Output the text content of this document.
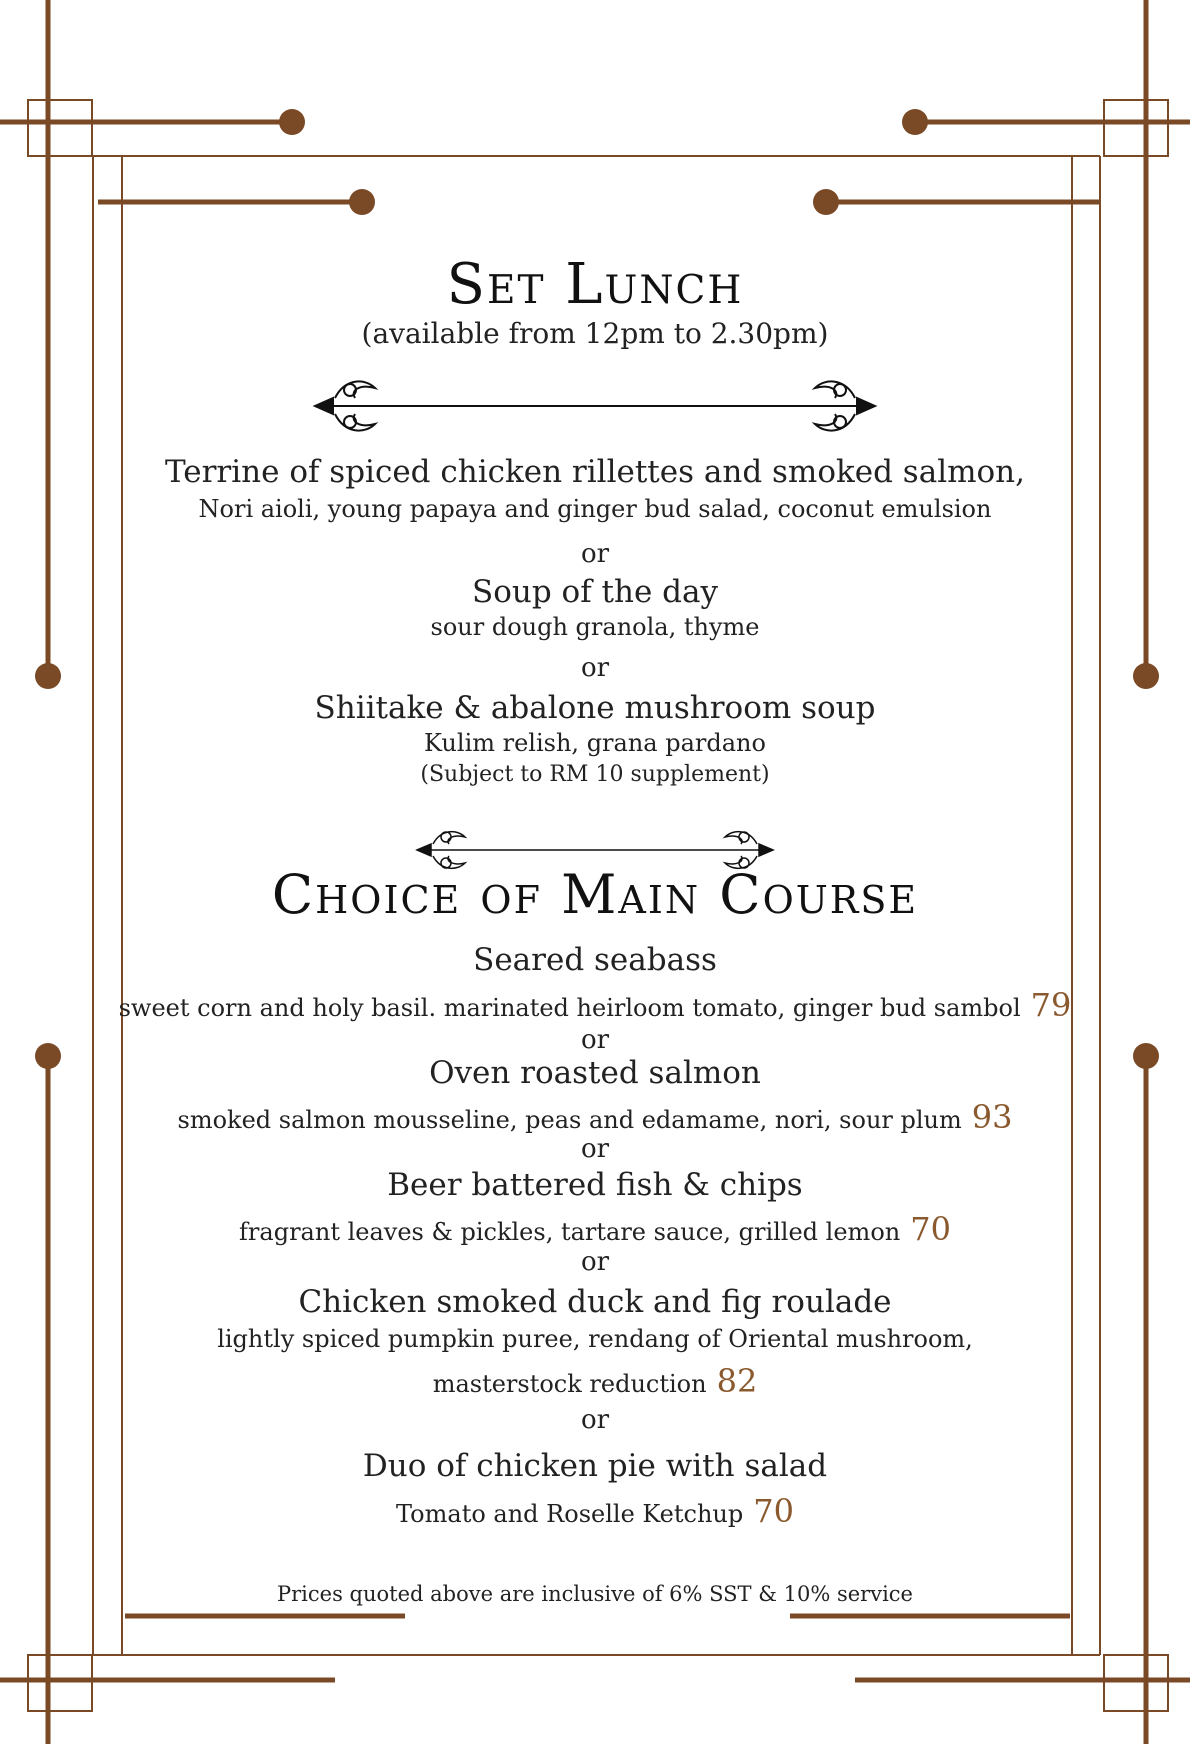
Set Lunch
(available from 12pm to 2.30pm)
Terrine of spiced chicken rillettes and smoked salmon,
Nori aioli, young papaya and ginger bud salad, coconut emulsion
or
Soup of the day
sour dough granola, thyme
or
Shiitake & abalone mushroom soup
Kulim relish, grana pardano
(Subject to RM 10 supplement)
Choice of Main Course
Seared seabass
sweet corn and holy basil. marinated heirloom tomato, ginger bud sambol 79
or
Oven roasted salmon
smoked salmon mousseline, peas and edamame, nori, sour plum 93
or
Beer battered fish & chips
fragrant leaves & pickles, tartare sauce, grilled lemon 70
or
Chicken smoked duck and fig roulade
lightly spiced pumpkin puree, rendang of Oriental mushroom,
masterstock reduction 82
or
Duo of chicken pie with salad
Tomato and Roselle Ketchup 70
Prices quoted above are inclusive of 6% SST & 10% service
